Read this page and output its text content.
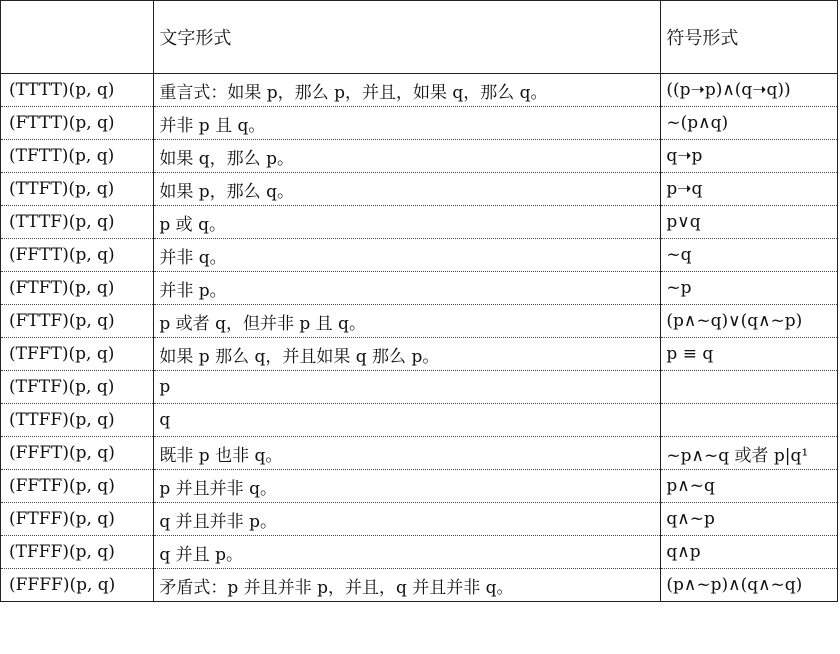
	文字形式	符号形式
(TTTT)(p, q)	重言式：如果 p，那么 p，并且，如果 q，那么 q。	((p➝p)∧(q➝q))
(FTTT)(p, q)	并非 p 且 q。	~(p∧q)
(TFTT)(p, q)	如果 q，那么 p。	q➝p
(TTFT)(p, q)	如果 p，那么 q。	p➝q
(TTTF)(p, q)	p 或 q。	p∨q
(FFTT)(p, q)	并非 q。	~q
(FTFT)(p, q)	并非 p。	~p
(FTTF)(p, q)	p 或者 q，但并非 p 且 q。	(p∧~q)∨(q∧~p)
(TFFT)(p, q)	如果 p 那么 q，并且如果 q 那么 p。	p ≡ q
(TFTF)(p, q)	p	
(TTFF)(p, q)	q	
(FFFT)(p, q)	既非 p 也非 q。	~p∧~q 或者 p|q¹
(FFTF)(p, q)	p 并且并非 q。	p∧~q
(FTFF)(p, q)	q 并且并非 p。	q∧~p
(TFFF)(p, q)	q 并且 p。	q∧p
(FFFF)(p, q)	矛盾式：p 并且并非 p，并且，q 并且并非 q。	(p∧~p)∧(q∧~q)
